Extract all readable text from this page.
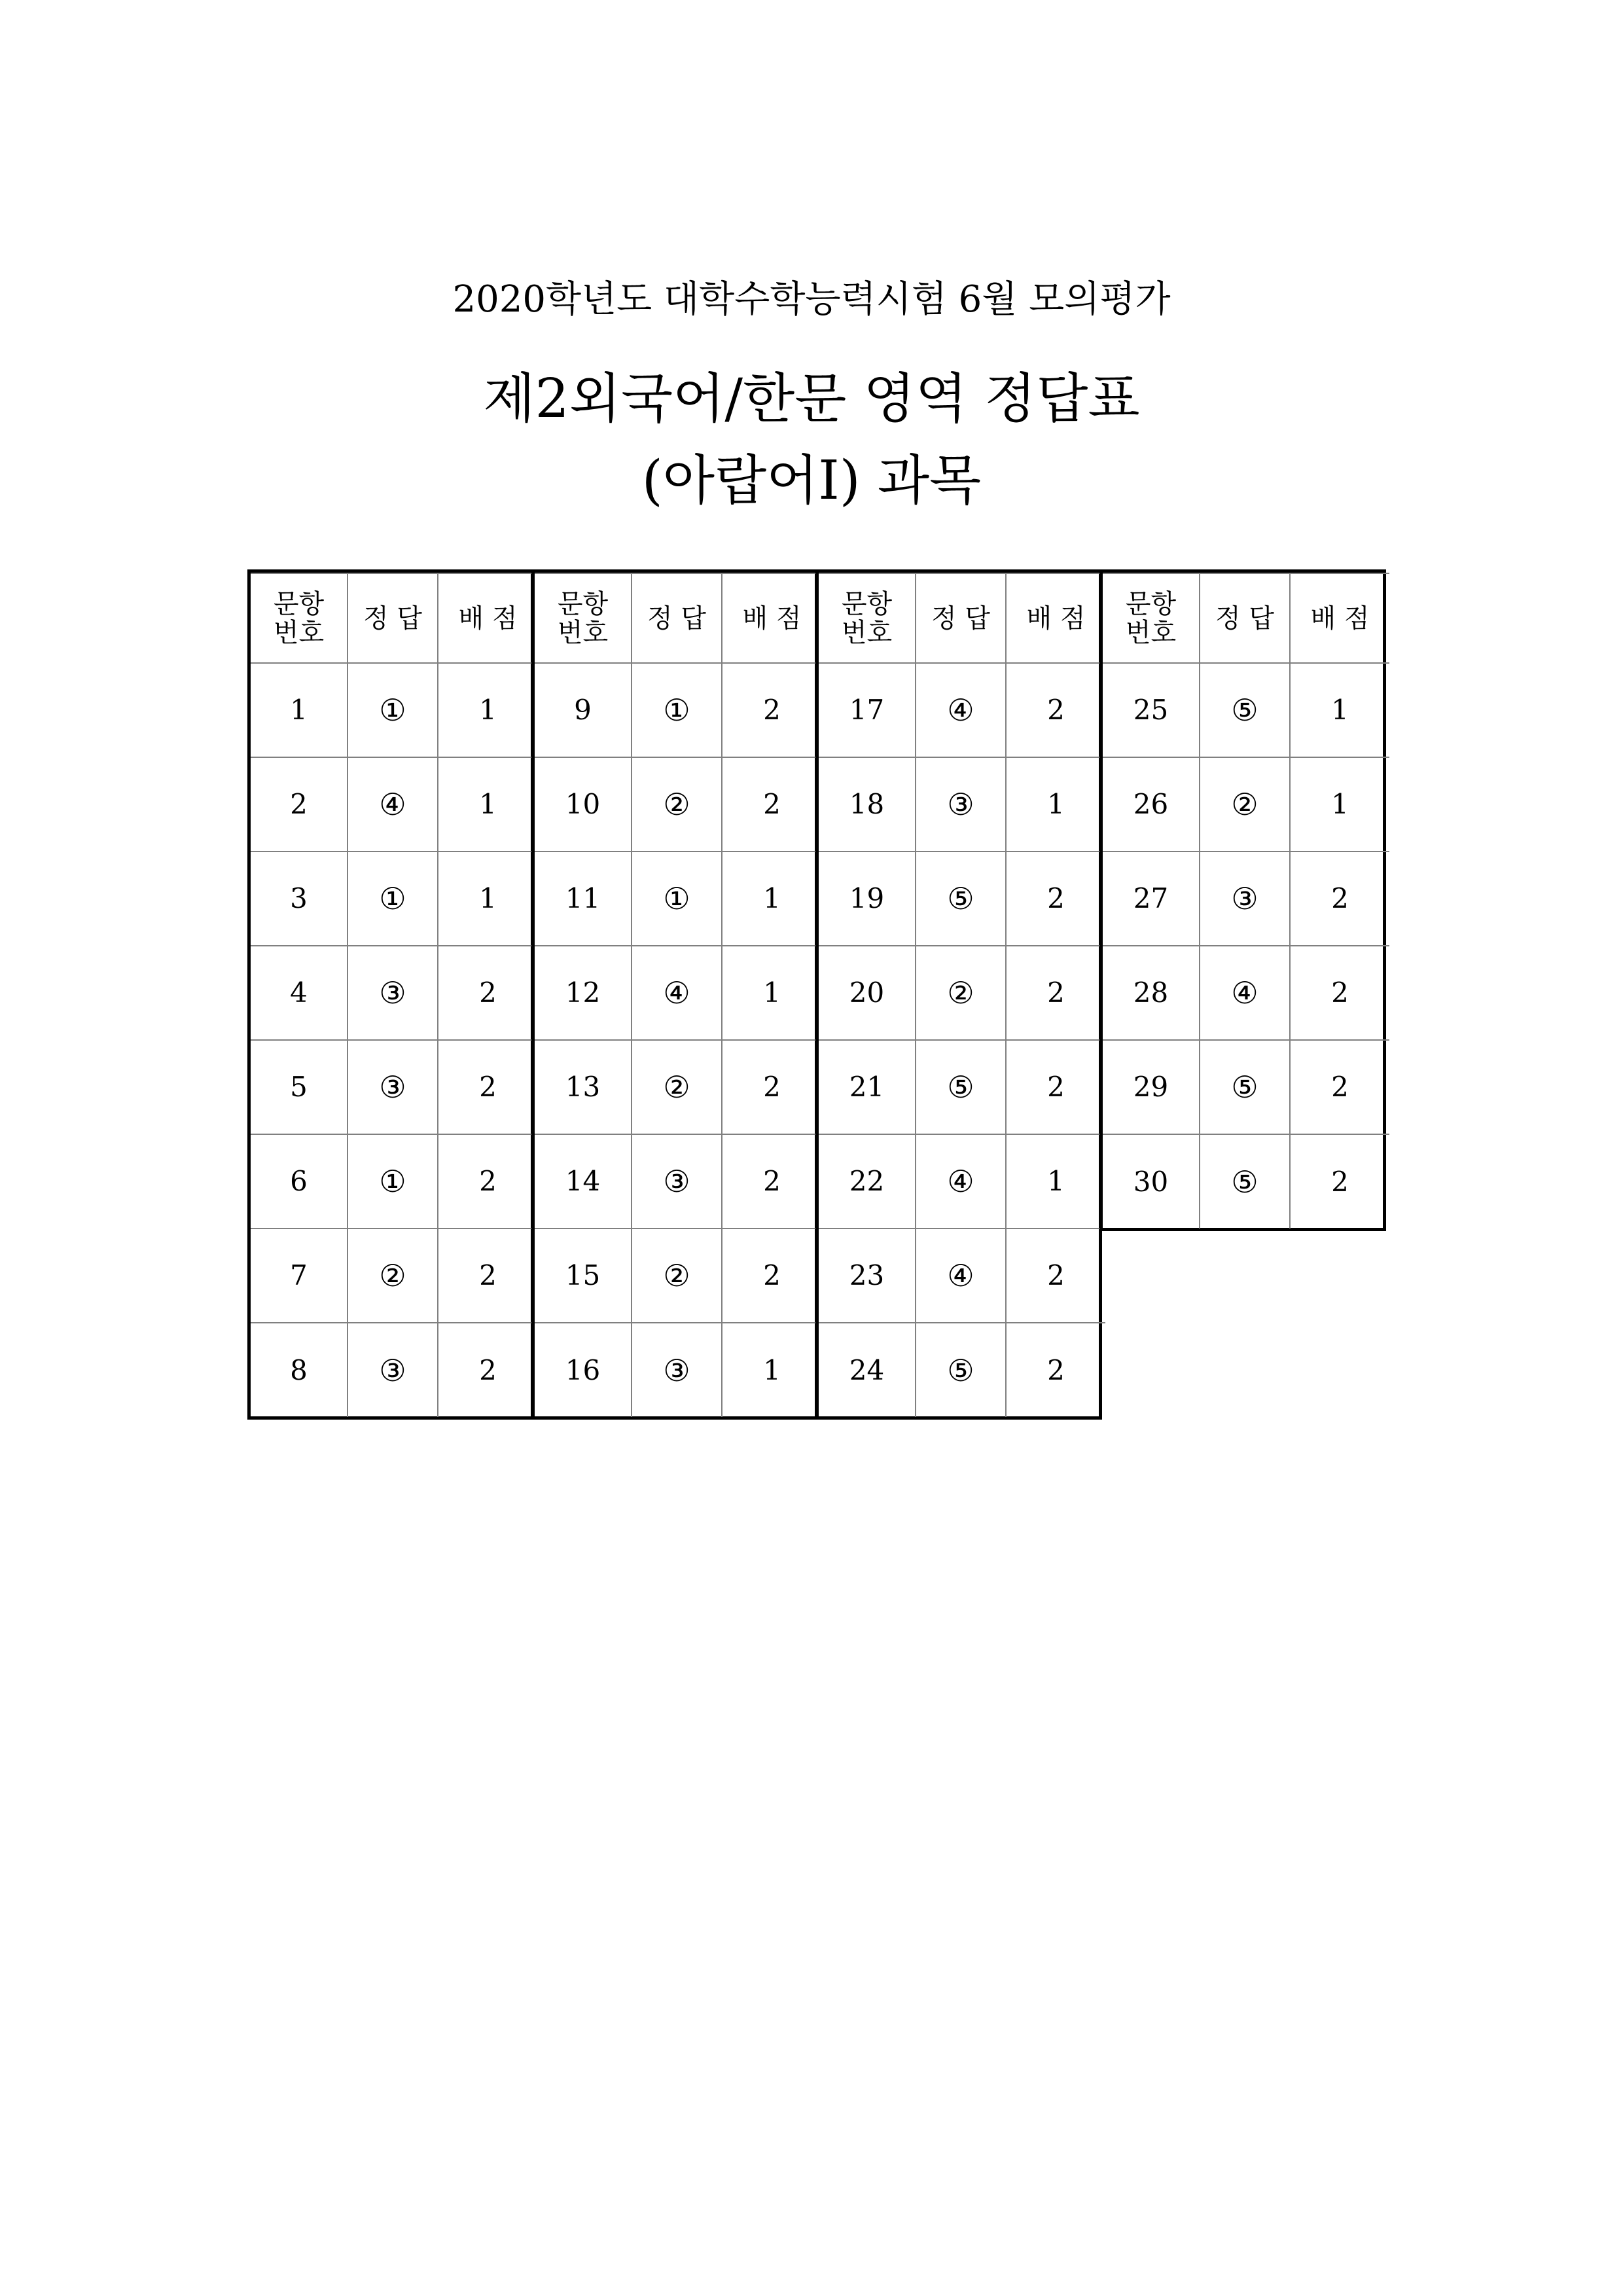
2020학년도 대학수학능력시험 6월 모의평가
제2외국어/한문 영역 정답표
(아랍어Ⅰ) 과목
문항
번호	정 답	배 점
1	①	1
2	④	1
3	①	1
4	③	2
5	③	2
6	①	2
7	②	2
8	③	2
문항
번호	정 답	배 점
9	①	2
10	②	2
11	①	1
12	④	1
13	②	2
14	③	2
15	②	2
16	③	1
문항
번호	정 답	배 점
17	④	2
18	③	1
19	⑤	2
20	②	2
21	⑤	2
22	④	1
23	④	2
24	⑤	2
문항
번호	정 답	배 점
25	⑤	1
26	②	1
27	③	2
28	④	2
29	⑤	2
30	⑤	2
